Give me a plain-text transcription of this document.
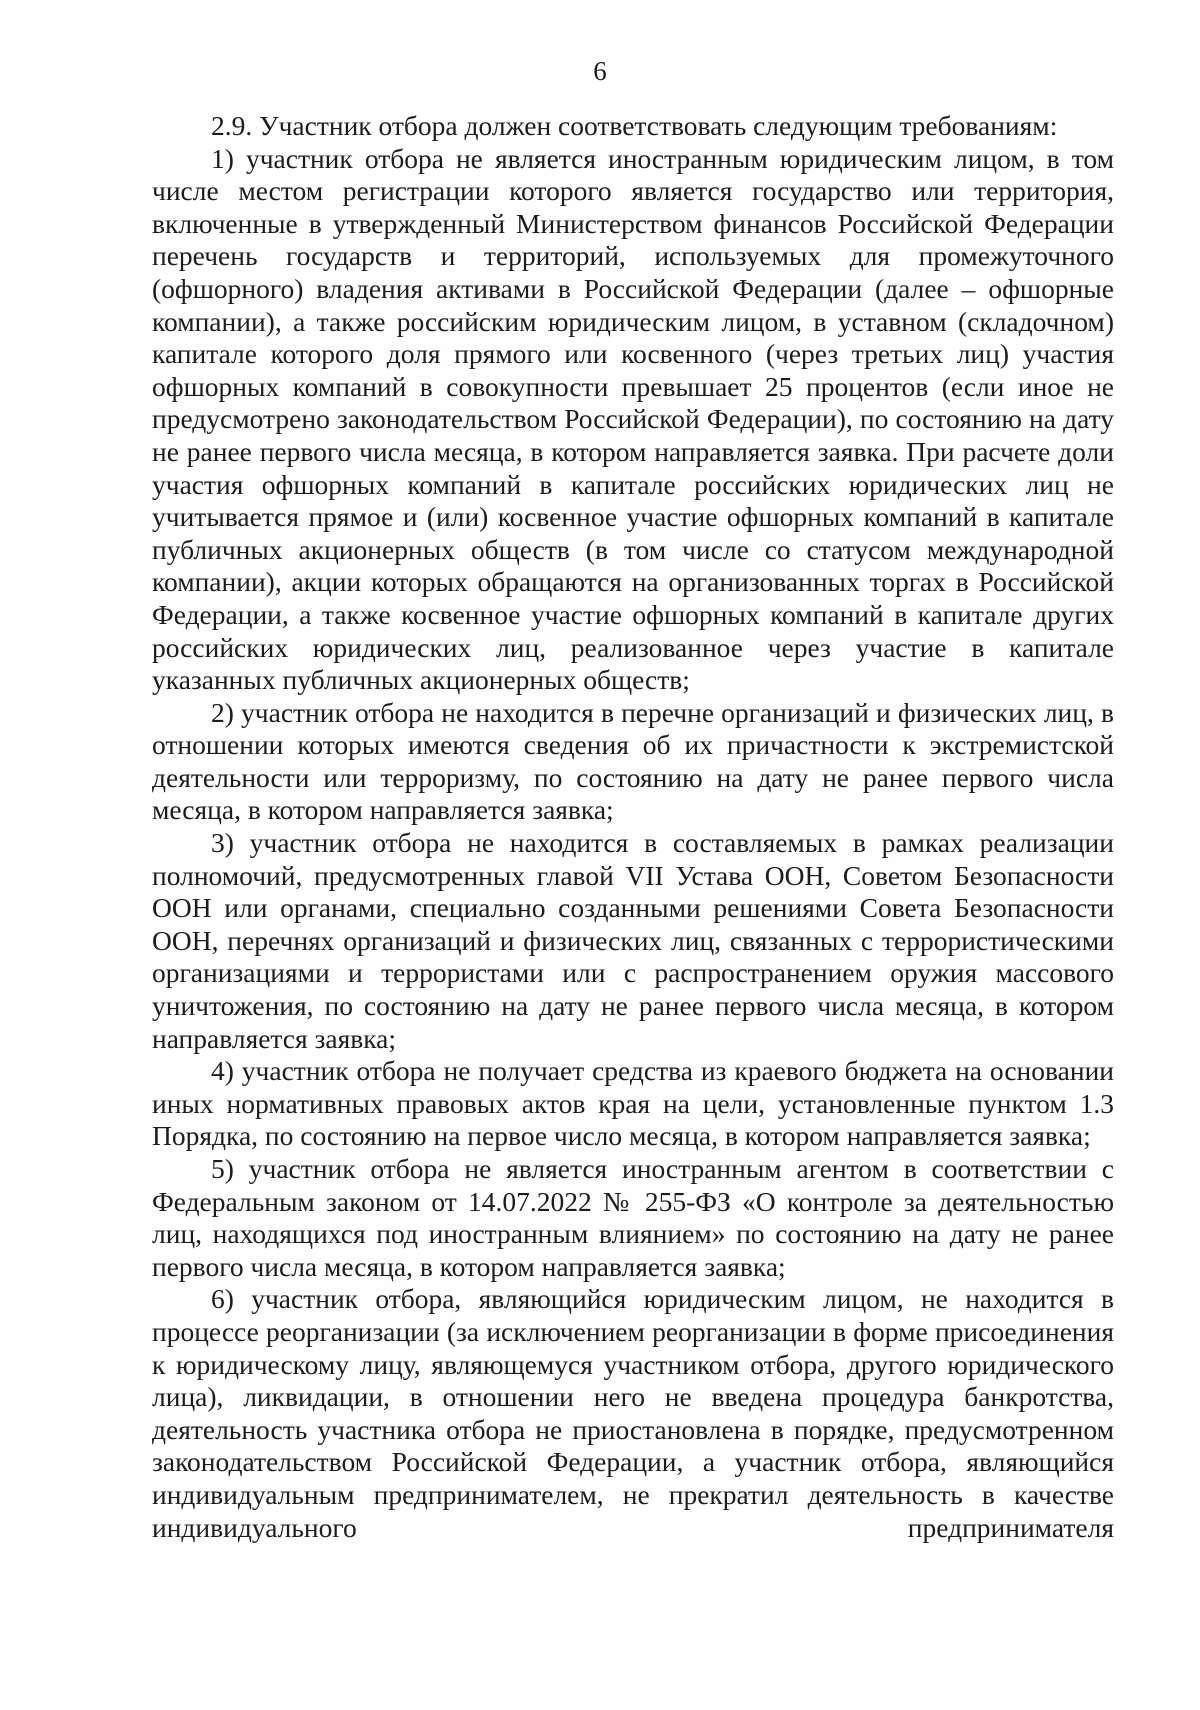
6

2.9. Участник отбора должен соответствовать следующим требованиям:

1) участник отбора не является иностранным юридическим лицом, в том числе местом регистрации которого является государство или территория, включенные в утвержденный Министерством финансов Российской Федерации перечень государств и территорий, используемых для промежуточного (офшорного) владения активами в Российской Федерации (далее – офшорные компании), а также российским юридическим лицом, в уставном (складочном) капитале которого доля прямого или косвенного (через третьих лиц) участия офшорных компаний в совокупности превышает 25 процентов (если иное не предусмотрено законодательством Российской Федерации), по состоянию на дату не ранее первого числа месяца, в котором направляется заявка. При расчете доли участия офшорных компаний в капитале российских юридических лиц не учитывается прямое и (или) косвенное участие офшорных компаний в капитале публичных акционерных обществ (в том числе со статусом международной компании), акции которых обращаются на организованных торгах в Российской Федерации, а также косвенное участие офшорных компаний в капитале других российских юридических лиц, реализованное через участие в капитале указанных публичных акционерных обществ;

2) участник отбора не находится в перечне организаций и физических лиц, в отношении которых имеются сведения об их причастности к экстремистской деятельности или терроризму, по состоянию на дату не ранее первого числа месяца, в котором направляется заявка;

3) участник отбора не находится в составляемых в рамках реализации полномочий, предусмотренных главой VII Устава ООН, Советом Безопасности ООН или органами, специально созданными решениями Совета Безопасности ООН, перечнях организаций и физических лиц, связанных с террористическими организациями и террористами или с распространением оружия массового уничтожения, по состоянию на дату не ранее первого числа месяца, в котором направляется заявка;

4) участник отбора не получает средства из краевого бюджета на основании иных нормативных правовых актов края на цели, установленные пунктом 1.3 Порядка, по состоянию на первое число месяца, в котором направляется заявка;

5) участник отбора не является иностранным агентом в соответствии с Федеральным законом от 14.07.2022 № 255-ФЗ «О контроле за деятельностью лиц, находящихся под иностранным влиянием» по состоянию на дату не ранее первого числа месяца, в котором направляется заявка;

6) участник отбора, являющийся юридическим лицом, не находится в процессе реорганизации (за исключением реорганизации в форме присоединения к юридическому лицу, являющемуся участником отбора, другого юридического лица), ликвидации, в отношении него не введена процедура банкротства, деятельность участника отбора не приостановлена в порядке, предусмотренном законодательством Российской Федерации, а участник отбора, являющийся индивидуальным предпринимателем, не прекратил деятельность в качестве индивидуального предпринимателя
